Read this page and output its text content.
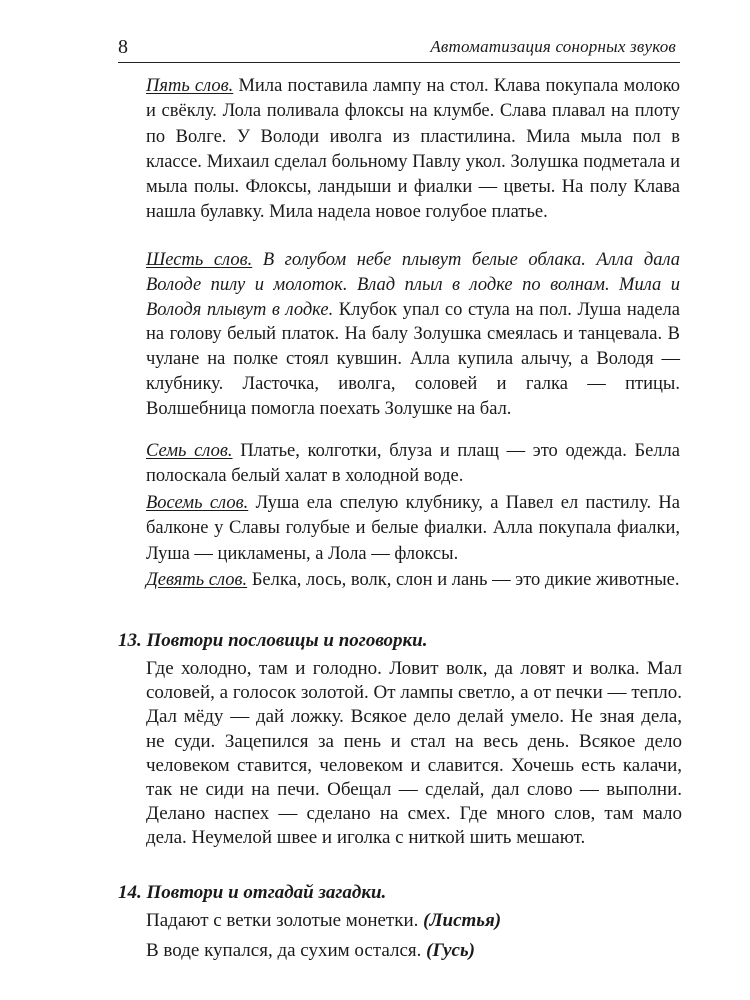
8	Автоматизация сонорных звуков

Пять слов. Мила поставила лампу на стол. Клава покупала молоко и свёклу. Лола поливала флоксы на клумбе. Слава плавал на плоту по Волге. У Володи иволга из пластилина. Мила мыла пол в классе. Михаил сделал больному Павлу укол. Золушка подметала и мыла полы. Флоксы, ландыши и фиалки — цветы. На полу Клава нашла булавку. Мила надела новое голубое платье.

Шесть слов. В голубом небе плывут белые облака. Алла дала Володе пилу и молоток. Влад плыл в лодке по волнам. Мила и Володя плывут в лодке. Клубок упал со стула на пол. Луша надела на голову белый платок. На балу Золушка смеялась и танцевала. В чулане на полке стоял кувшин. Алла купила алычу, а Володя — клубнику. Ласточка, иволга, соловей и галка — птицы. Волшебница помогла поехать Золушке на бал.

Семь слов. Платье, колготки, блуза и плащ — это одежда. Белла полоскала белый халат в холодной воде.

Восемь слов. Луша ела спелую клубнику, а Павел ел пастилу. На балконе у Славы голубые и белые фиалки. Алла покупала фиалки, Луша — цикламены, а Лола — флоксы.

Девять слов. Белка, лось, волк, слон и лань — это дикие животные.

13. Повтори пословицы и поговорки.

Где холодно, там и голодно. Ловит волк, да ловят и волка. Мал соловей, а голосок золотой. От лампы светло, а от печки — тепло. Дал мёду — дай ложку. Всякое дело делай умело. Не зная дела, не суди. Зацепился за пень и стал на весь день. Всякое дело человеком ставится, человеком и славится. Хочешь есть калачи, так не сиди на печи. Обещал — сделай, дал слово — выполни. Делано наспех — сделано на смех. Где много слов, там мало дела. Неумелой швее и иголка с ниткой шить мешают.

14. Повтори и отгадай загадки.

Падают с ветки золотые монетки. (Листья)

В воде купался, да сухим остался. (Гусь)
